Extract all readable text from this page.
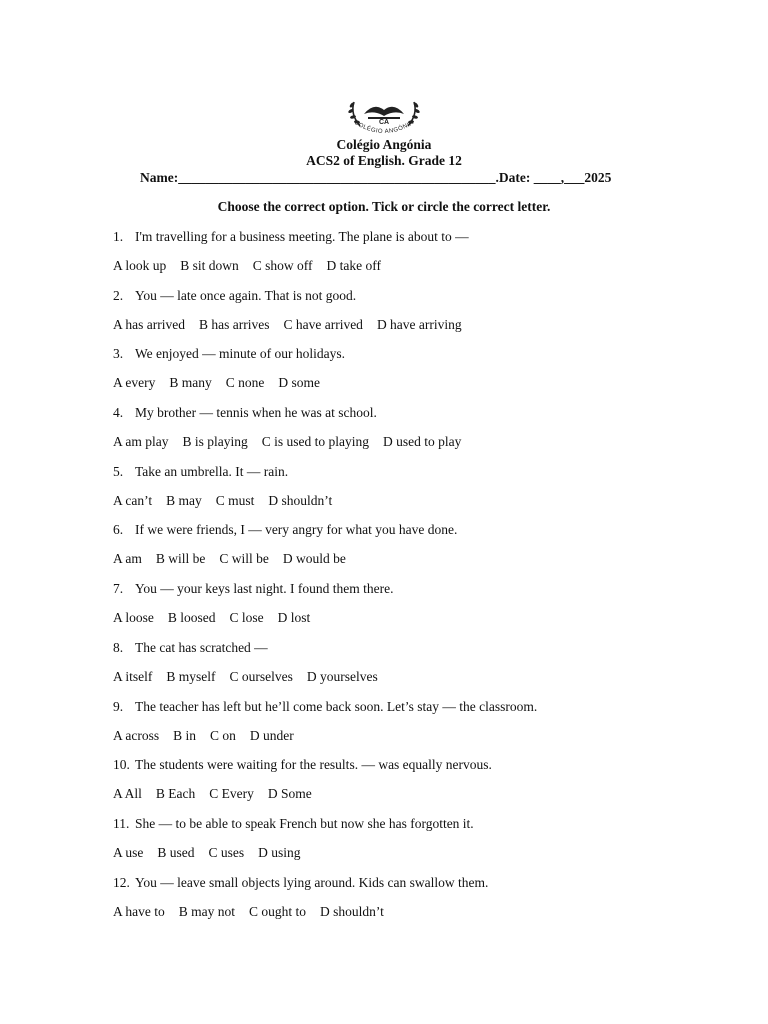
CA
COLÉGIO ANGÓNIA
Colégio Angónia
ACS2 of English. Grade 12
Name:_______________________________________________.Date: ____,___2025
Choose the correct option. Tick or circle the correct letter.
1. I'm travelling for a business meeting. The plane is about to —
A look up B sit down C show off D take off
2. You — late once again. That is not good.
A has arrived B has arrives C have arrived D have arriving
3. We enjoyed — minute of our holidays.
A every B many C none D some
4. My brother — tennis when he was at school.
A am play B is playing C is used to playing D used to play
5. Take an umbrella. It — rain.
A can’t B may C must D shouldn’t
6. If we were friends, I — very angry for what you have done.
A am B will be C will be D would be
7. You — your keys last night. I found them there.
A loose B loosed C lose D lost
8. The cat has scratched —
A itself B myself C ourselves D yourselves
9. The teacher has left but he’ll come back soon. Let’s stay — the classroom.
A across B in C on D under
10. The students were waiting for the results. — was equally nervous.
A All B Each C Every D Some
11. She — to be able to speak French but now she has forgotten it.
A use B used C uses D using
12. You — leave small objects lying around. Kids can swallow them.
A have to B may not C ought to D shouldn’t
